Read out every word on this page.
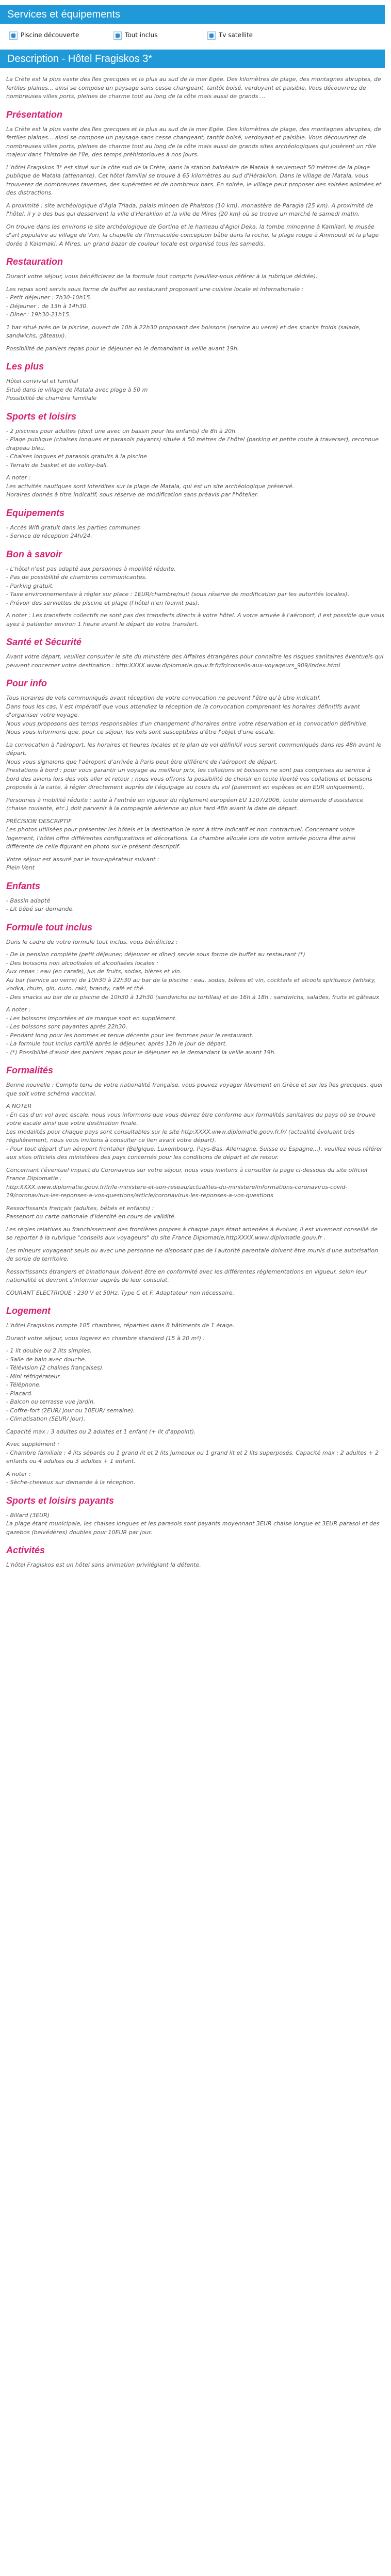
Services et équipements
Piscine découverte	Tout inclus	Tv satellite
Description - Hôtel Fragiskos 3*

La Crète est la plus vaste des îles grecques et la plus au sud de la mer Egée. Des kilomètres de plage, des montagnes abruptes, de fertiles plaines... ainsi se compose un paysage sans cesse changeant, tantôt boisé, verdoyant et paisible. Vous découvrirez de nombreuses villes ports, pleines de charme tout au long de la côte mais aussi de grands ...

Présentation

La Crète est la plus vaste des îles grecques et la plus au sud de la mer Egée. Des kilomètres de plage, des montagnes abruptes, de fertiles plaines... ainsi se compose un paysage sans cesse changeant, tantôt boisé, verdoyant et paisible. Vous découvrirez de nombreuses villes ports, pleines de charme tout au long de la côte mais aussi de grands sites archéologiques qui jouèrent un rôle majeur dans l'histoire de l'île, des temps préhistoriques à nos jours.

L'hôtel Fragiskos 3* est situé sur la côte sud de la Crète, dans la station balnéaire de Matala à seulement 50 mètres de la plage publique de Matala (attenante). Cet hôtel familial se trouve à 65 kilomètres au sud d'Héraklion. Dans le village de Matala, vous trouverez de nombreuses tavernes, des supérettes et de nombreux bars. En soirée, le village peut proposer des soirées animées et des distractions.

A proximité : site archéologique d'Agia Triada, palais minoen de Phaistos (10 km), monastère de Paragia (25 km). A proximité de l'hôtel, il y a des bus qui desservent la ville d'Heraklion et la ville de Mires (20 km) où se trouve un marché le samedi matin.

On trouve dans les environs le site archéologique de Gortina et le hameau d'Agioi Deka, la tombe minoenne à Kamilari, le musée d'art populaire au village de Vori, la chapelle de l'Immaculée conception bâtie dans la roche, la plage rouge à Ammoudi et la plage dorée à Kalamaki. A Mires, un grand bazar de couleur locale est organisé tous les samedis.

Restauration

Durant votre séjour, vous bénéficierez de la formule tout compris (veuillez-vous référer à la rubrique dédiée).

Les repas sont servis sous forme de buffet au restaurant proposant une cuisine locale et internationale :
- Petit déjeuner : 7h30-10h15.
- Déjeuner : de 13h à 14h30.
- Dîner : 19h30-21h15.

1 bar situé près de la piscine, ouvert de 10h à 22h30 proposant des boissons (service au verre) et des snacks froids (salade, sandwichs, gâteaux).

Possibilité de paniers repas pour le déjeuner en le demandant la veille avant 19h.

Les plus

Hôtel convivial et familial
Situé dans le village de Matala avec plage à 50 m
Possibilité de chambre familiale

Sports et loisirs

- 2 piscines pour adultes (dont une avec un bassin pour les enfants) de 8h à 20h.
- Plage publique (chaises longues et parasols payants) située à 50 mètres de l'hôtel (parking et petite route à traverser), reconnue drapeau bleu.
- Chaises longues et parasols gratuits à la piscine
- Terrain de basket et de volley-ball.

A noter :
Les activités nautiques sont interdites sur la plage de Matala, qui est un site archéologique préservé.
Horaires donnés à titre indicatif, sous réserve de modification sans préavis par l'hôtelier.

Equipements

- Accès Wifi gratuit dans les parties communes
- Service de réception 24h/24.

Bon à savoir

- L'hôtel n'est pas adapté aux personnes à mobilité réduite.
- Pas de possibilité de chambres communicantes.
- Parking gratuit.
- Taxe environnementale à régler sur place : 1EUR/chambre/nuit (sous réserve de modification par les autorités locales).
- Prévoir des serviettes de piscine et plage (l'hôtel n'en fournit pas).

A noter : Les transferts collectifs ne sont pas des transferts directs à votre hôtel. A votre arrivée à l'aéroport, il est possible que vous ayez à patienter environ 1 heure avant le départ de votre transfert.

Santé et Sécurité

Avant votre départ, veuillez consulter le site du ministère des Affaires étrangères pour connaître les risques sanitaires éventuels qui peuvent concerner votre destination : http:XXXX.www.diplomatie.gouv.fr.fr/fr/conseils-aux-voyageurs_909/index.html

Pour info

Tous horaires de vols communiqués avant réception de votre convocation ne peuvent l'être qu'à titre indicatif.
Dans tous les cas, il est impératif que vous attendiez la réception de la convocation comprenant les horaires définitifs avant d'organiser votre voyage.
Nous vous proposons des temps responsables d'un changement d'horaires entre votre réservation et la convocation définitive.
Nous vous informons que, pour ce séjour, les vols sont susceptibles d'être l'objet d'une escale.

La convocation à l'aéroport, les horaires et heures locales et le plan de vol définitif vous seront communiqués dans les 48h avant le départ.
Nous vous signalons que l'aéroport d'arrivée à Paris peut être différent de l'aéroport de départ.
Prestations à bord : pour vous garantir un voyage au meilleur prix, les collations et boissons ne sont pas comprises au service à bord des avions lors des vols aller et retour ; nous vous offrons la possibilité de choisir en toute liberté vos collations et boissons proposés à la carte, à régler directement auprès de l'équipage au cours du vol (paiement en espèces et en EUR uniquement).

Personnes à mobilité réduite : suite à l'entrée en vigueur du règlement européen EU 1107/2006, toute demande d'assistance (chaise roulante, etc.) doit parvenir à la compagnie aérienne au plus tard 48h avant la date de départ.

PRÉCISION DESCRIPTIF
Les photos utilisées pour présenter les hôtels et la destination le sont à titre indicatif et non contractuel. Concernant votre logement, l'hôtel offre différentes configurations et décorations. La chambre allouée lors de votre arrivée pourra être ainsi différente de celle figurant en photo sur le présent descriptif.

Votre séjour est assuré par le tour-opérateur suivant :
Plein Vent

Enfants

- Bassin adapté
- Lit bébé sur demande.

Formule tout inclus

Dans le cadre de votre formule tout inclus, vous bénéficiez :

- De la pension complète (petit déjeuner, déjeuner et dîner) servie sous forme de buffet au restaurant (*)
- Des boissons non alcoolisées et alcoolisées locales :
Aux repas : eau (en carafe), jus de fruits, sodas, bières et vin.
Au bar (service au verre) de 10h30 à 22h30 au bar de la piscine : eau, sodas, bières et vin, cocktails et alcools spiritueux (whisky, vodka, rhum, gin, ouzo, raki, brandy, café et thé.
- Des snacks au bar de la piscine de 10h30 à 12h30 (sandwichs ou tortillas) et de 16h à 18h : sandwichs, salades, fruits et gâteaux

A noter :
- Les boissons importées et de marque sont en supplément.
- Les boissons sont payantes après 22h30.
- Pendant long pour les hommes et tenue décente pour les femmes pour le restaurant.
- La formule tout inclus cartillé après le déjeuner, après 12h le jour de départ.
- (*) Possibilité d'avoir des paniers repas pour le déjeuner en le demandant la veille avant 19h.

Formalités

Bonne nouvelle : Compte tenu de votre nationalité française, vous pouvez voyager librement en Grèce et sur les îles grecques, quel que soit votre schéma vaccinal.

A NOTER
- En cas d'un vol avec escale, nous vous informons que vous devrez être conforme aux formalités sanitaires du pays où se trouve votre escale ainsi que votre destination finale.
Les modalités pour chaque pays sont consultables sur le site http:XXXX.www.diplomatie.gouv.fr.fr/ (actualité évoluant très régulièrement, nous vous invitons à consulter ce lien avant votre départ).
- Pour tout départ d'un aéroport frontalier (Belgique, Luxembourg, Pays-Bas, Allemagne, Suisse ou Espagne...), veuillez vous référer aux sites officiels des ministères des pays concernés pour les conditions de départ et de retour.

Concernant l'éventuel impact du Coronavirus sur votre séjour, nous vous invitons à consulter la page ci-dessous du site officiel France Diplomatie :
http:XXXX.www.diplomatie.gouv.fr/fr/le-ministere-et-son-reseau/actualites-du-ministere/informations-coronavirus-covid-19/coronavirus-les-reponses-a-vos-questions/article/coronavirus-les-reponses-a-vos-questions

Ressortissants français (adultes, bébés et enfants) :
Passeport ou carte nationale d'identité en cours de validité.

Les règles relatives au franchissement des frontières propres à chaque pays étant amenées à évoluer, il est vivement conseillé de se reporter à la rubrique "conseils aux voyageurs" du site France Diplomatie,httpXXXX.www.diplomatie.gouv.fr .

Les mineurs voyageant seuls ou avec une personne ne disposant pas de l'autorité parentale doivent être munis d'une autorisation de sortie de territoire.

Ressortissants étrangers et binationaux doivent être en conformité avec les différentes réglementations en vigueur, selon leur nationalité et devront s'informer auprès de leur consulat.

COURANT ELECTRIQUE : 230 V et 50Hz. Type C et F. Adaptateur non nécessaire.

Logement

L'hôtel Fragiskos compte 105 chambres, réparties dans 8 bâtiments de 1 étage.

Durant votre séjour, vous logerez en chambre standard (15 à 20 m²) :

- 1 lit double ou 2 lits simples.
- Salle de bain avec douche.
- Télévision (2 chaînes françaises).
- Mini réfrigérateur.
- Téléphone.
- Placard.
- Balcon ou terrasse vue jardin.
- Coffre-fort (2EUR/ jour ou 10EUR/ semaine).
- Climatisation (5EUR/ jour).

Capacité max : 3 adultes ou 2 adultes et 1 enfant (+ lit d'appoint).

Avec supplément :
- Chambre familiale : 4 lits séparés ou 1 grand lit et 2 lits jumeaux ou 1 grand lit et 2 lits superposés. Capacité max : 2 adultes + 2 enfants ou 4 adultes ou 3 adultes + 1 enfant.

A noter :
- Sèche-cheveux sur demande à la réception.

Sports et loisirs payants

- Billard (3EUR)
La plage étant municipale, les chaises longues et les parasols sont payants moyennant 3EUR chaise longue et 3EUR parasol et des gazebos (belvédères) doubles pour 10EUR par jour.

Activités

L'hôtel Fragiskos est un hôtel sans animation privilégiant la détente.
